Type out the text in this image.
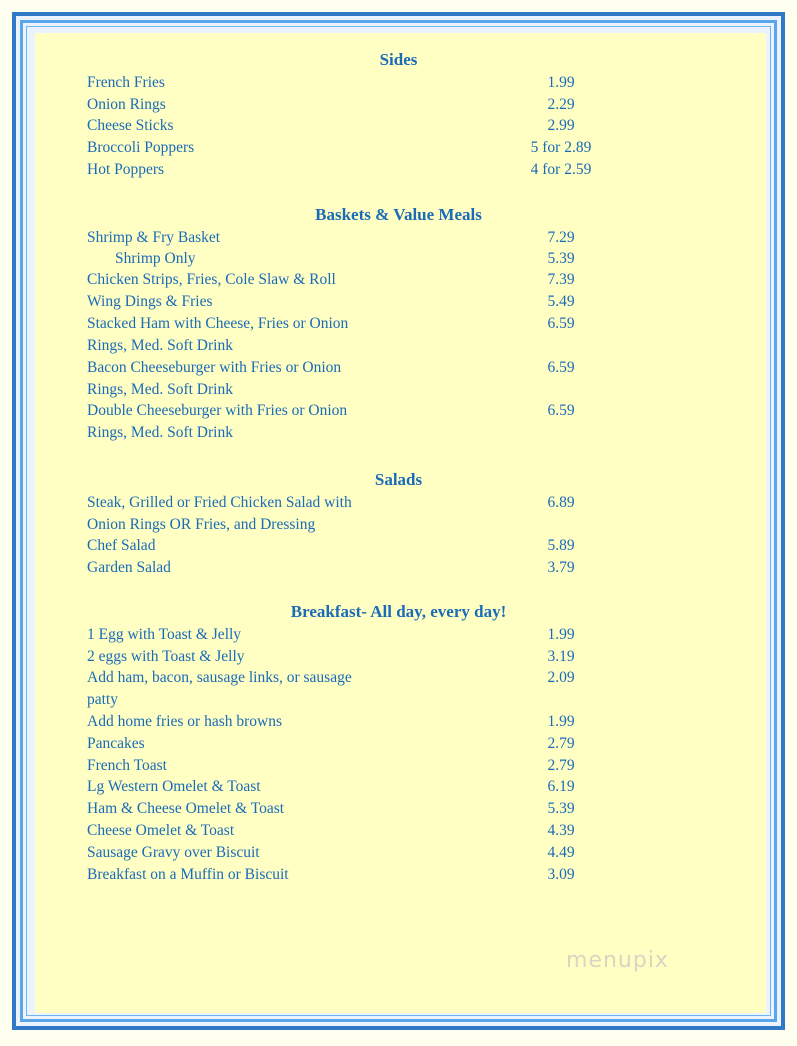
Sides
French Fries	1.99
Onion Rings	2.29
Cheese Sticks	2.99
Broccoli Poppers	5 for 2.89
Hot Poppers	4 for 2.59
Baskets & Value Meals
Shrimp & Fry Basket	7.29
Shrimp Only	5.39
Chicken Strips, Fries, Cole Slaw & Roll	7.39
Wing Dings & Fries	5.49
Stacked Ham with Cheese, Fries or Onion	6.59
Rings, Med. Soft Drink
Bacon Cheeseburger with Fries or Onion	6.59
Rings, Med. Soft Drink
Double Cheeseburger with Fries or Onion	6.59
Rings, Med. Soft Drink
Salads
Steak, Grilled or Fried Chicken Salad with	6.89
Onion Rings OR Fries, and Dressing
Chef Salad	5.89
Garden Salad	3.79
Breakfast- All day, every day!
1 Egg with Toast & Jelly	1.99
2 eggs with Toast & Jelly	3.19
Add ham, bacon, sausage links, or sausage	2.09
patty
Add home fries or hash browns	1.99
Pancakes	2.79
French Toast	2.79
Lg Western Omelet & Toast	6.19
Ham & Cheese Omelet & Toast	5.39
Cheese Omelet & Toast	4.39
Sausage Gravy over Biscuit	4.49
Breakfast on a Muffin or Biscuit	3.09
menupix
